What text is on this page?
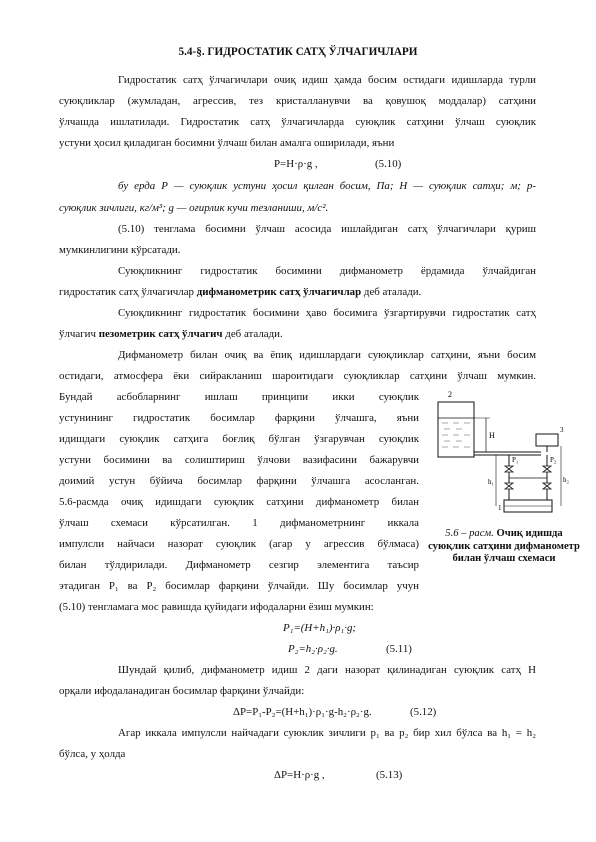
5.4-§. ГИДРОСТАТИК САТҲ ЎЛЧАГИЧЛАРИ
Гидростатик сатҳ ўлчагичлари очиқ идиш ҳамда босим остидаги идишларда турли
суюқликлар (жумладан, агрессив, тез кристалланувчи ва қовушоқ моддалар) сатҳини
ўлчашда ишлатилади. Гидростатик сатҳ ўлчагичларда суюқлик сатҳини ўлчаш суюқлик
устуни ҳосил қиладиган босимни ўлчаш билан амалга оширилади, яъни
P=H·ρ·g ,	(5.10)
бу ерда Р — суюқлик устуни ҳосил қилган босим, Па; Н — суюқлик сатҳи; м; р-
суюқлик зичлиги, кг/м³; g — оғирлик кучи тезланиши, м/с².
(5.10) тенглама босимни ўлчаш асосида ишлайдиган сатҳ ўлчагичлари қуриш
мумкинлигини кўрсатади.
Суюқликнинг гидростатик босимини дифманометр ёрдамида ўлчайдиган
гидростатик сатҳ ўлчагичлар дифманометрик сатҳ ўлчагичлар деб аталади.
Суюқликнинг гидростатик босимини ҳаво босимига ўзгартирувчи гидростатик сатҳ
ўлчагич пезометрик сатҳ ўлчагич деб аталади.
Дифманометр билан очиқ ва ёпиқ идишлардаги суюқликлар сатҳини, яъни босим
остидаги, атмосфера ёки сийракланиш шароитидаги суюқликлар сатҳини ўлчаш мумкин.
Бундай асбобларнинг ишлаш принципи икки суюқлик
устунининг гидростатик босимлар фарқини ўлчашга, яъни
идишдаги суюқлик сатҳига боғлиқ бўлган ўзгарувчан суюқлик
устуни босимини ва солиштириш ўлчови вазифасини бажарувчи
доимий устун бўйича босимлар фарқини ўлчашга асосланган.
5.6-расмда очиқ идишдаги суюқлик сатҳини дифманометр билан
ўлчаш схемаси кўрсатилган. 1 дифманометрнинг иккала
импулсли найчаси назорат суюқлик (агар у агрессив бўлмаса)
билан тўлдирилади. Дифманометр сезгир элементига таъсир
этадиган P₁ ва P₂ босимлар фарқини ўлчайди. Шу босимлар учун
(5.10) тенгламага мос равишда қуйидаги ифодаларни ёзиш мумкин:
P₁=(H+h₁)·ρ₁·g;
P₂=h₂·ρ₂·g.	(5.11)
Шундай қилиб, дифманометр идиш 2 даги назорат қилинадиган суюқлик сатҳ Н
орқали ифодаланадиган босимлар фарқини ўлчайди:
ΔP=P₁-P₂=(H+h₁)·ρ₁·g-h₂·ρ₂·g.	(5.12)
Агар иккала импулсли найчадаги суюклик зичлиги p₁ ва p₂ бир хил бўлса ва h₁ = h₂
бўлса, у ҳолда
ΔP=H·ρ·g ,	(5.13)
H
h₁	h₂
2
3
P₁	P₂
1
5.6 – расм. Очиқ идишда суюқлик сатҳини дифманометр билан ўлчаш схемаси
